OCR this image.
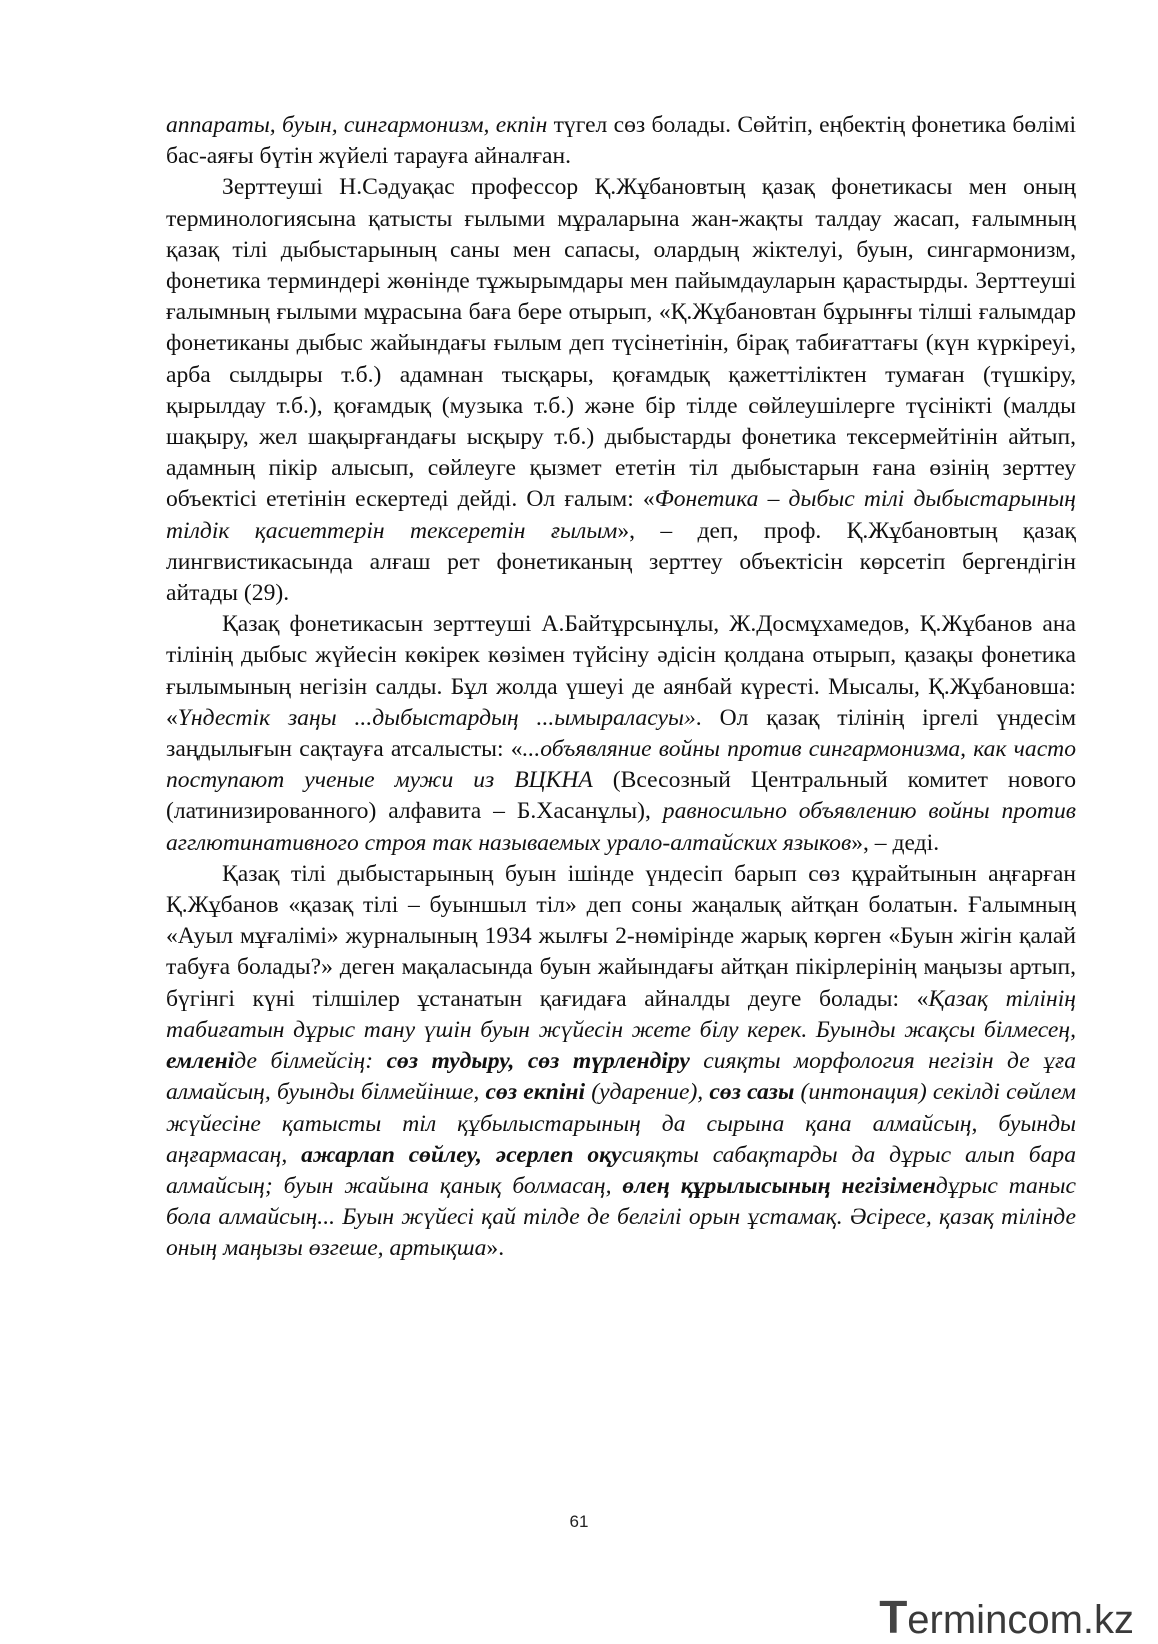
аппараты, буын, сингармонизм, екпін түгел сөз болады. Сөйтіп, еңбектің фонетика бөлімі бас-аяғы бүтін жүйелі тарауға айналған.

Зерттеуші Н.Сәдуақас профессор Қ.Жұбановтың қазақ фонетикасы мен оның терминологиясына қатысты ғылыми мұраларына жан-жақты талдау жасап, ғалымның қазақ тілі дыбыстарының саны мен сапасы, олардың жіктелуі, буын, сингармонизм, фонетика терминдері жөнінде тұжырымдары мен пайымдауларын қарастырды. Зерттеуші ғалымның ғылыми мұрасына баға бере отырып, «Қ.Жұбановтан бұрынғы тілші ғалымдар фонетиканы дыбыс жайындағы ғылым деп түсінетінін, бірақ табиғаттағы (күн күркіреуі, арба сылдыры т.б.) адамнан тысқары, қоғамдық қажеттіліктен тумаған (түшкіру, қырылдау т.б.), қоғамдық (музыка т.б.) және бір тілде сөйлеушілерге түсінікті (малды шақыру, жел шақырғандағы ысқыру т.б.) дыбыстарды фонетика тексермейтінін айтып, адамның пікір алысып, сөйлеуге қызмет ететін тіл дыбыстарын ғана өзінің зерттеу объектісі ететінін ескертеді дейді. Ол ғалым: «Фонетика – дыбыс тілі дыбыстарының тілдік қасиеттерін тексеретін ғылым», – деп, проф. Қ.Жұбановтың қазақ лингвистикасында алғаш рет фонетиканың зерттеу объектісін көрсетіп бергендігін айтады (29).

Қазақ фонетикасын зерттеуші А.Байтұрсынұлы, Ж.Досмұхамедов, Қ.Жұбанов ана тілінің дыбыс жүйесін көкірек көзімен түйсіну әдісін қолдана отырып, қазақы фонетика ғылымының негізін салды. Бұл жолда үшеуі де аянбай күресті. Мысалы, Қ.Жұбановша: «Үндестік заңы ...дыбыстардың ...ымыраласуы». Ол қазақ тілінің іргелі үндесім заңдылығын сақтауға атсалысты: «...объявляние войны против сингармонизма, как часто поступают ученые мужи из ВЦКНА (Всесозный Центральный комитет нового (латинизированного) алфавита – Б.Хасанұлы), равносильно объявлению войны против агглютинативного строя так называемых урало-алтайских языков», – деді.

Қазақ тілі дыбыстарының буын ішінде үндесіп барып сөз құрайтынын аңғарған Қ.Жұбанов «қазақ тілі – буыншыл тіл» деп соны жаңалық айтқан болатын. Ғалымның «Ауыл мұғалімі» журналының 1934 жылғы 2-нөмірінде жарық көрген «Буын жігін қалай табуға болады?» деген мақаласында буын жайындағы айтқан пікірлерінің маңызы артып, бүгінгі күні тілшілер ұстанатын қағидаға айналды деуге болады: «Қазақ тілінің табиғатын дұрыс тану үшін буын жүйесін жете білу керек. Буынды жақсы білмесең, емленіде білмейсің: сөз тудыру, сөз түрлендіру сияқты морфология негізін де ұға алмайсың, буынды білмейінше, сөз екпіні (ударение), сөз сазы (интонация) секілді сөйлем жүйесіне қатысты тіл құбылыстарының да сырына қана алмайсың, буынды аңғармасаң, ажарлап сөйлеу, әсерлеп оқусияқты сабақтарды да дұрыс алып бара алмайсың; буын жайына қанық болмасаң, өлең құрылысының негізімендұрыс таныс бола алмайсың... Буын жүйесі қай тілде де белгілі орын ұстамақ. Әсіресе, қазақ тілінде оның маңызы өзгеше, артықша».

61
Termincom.kz
